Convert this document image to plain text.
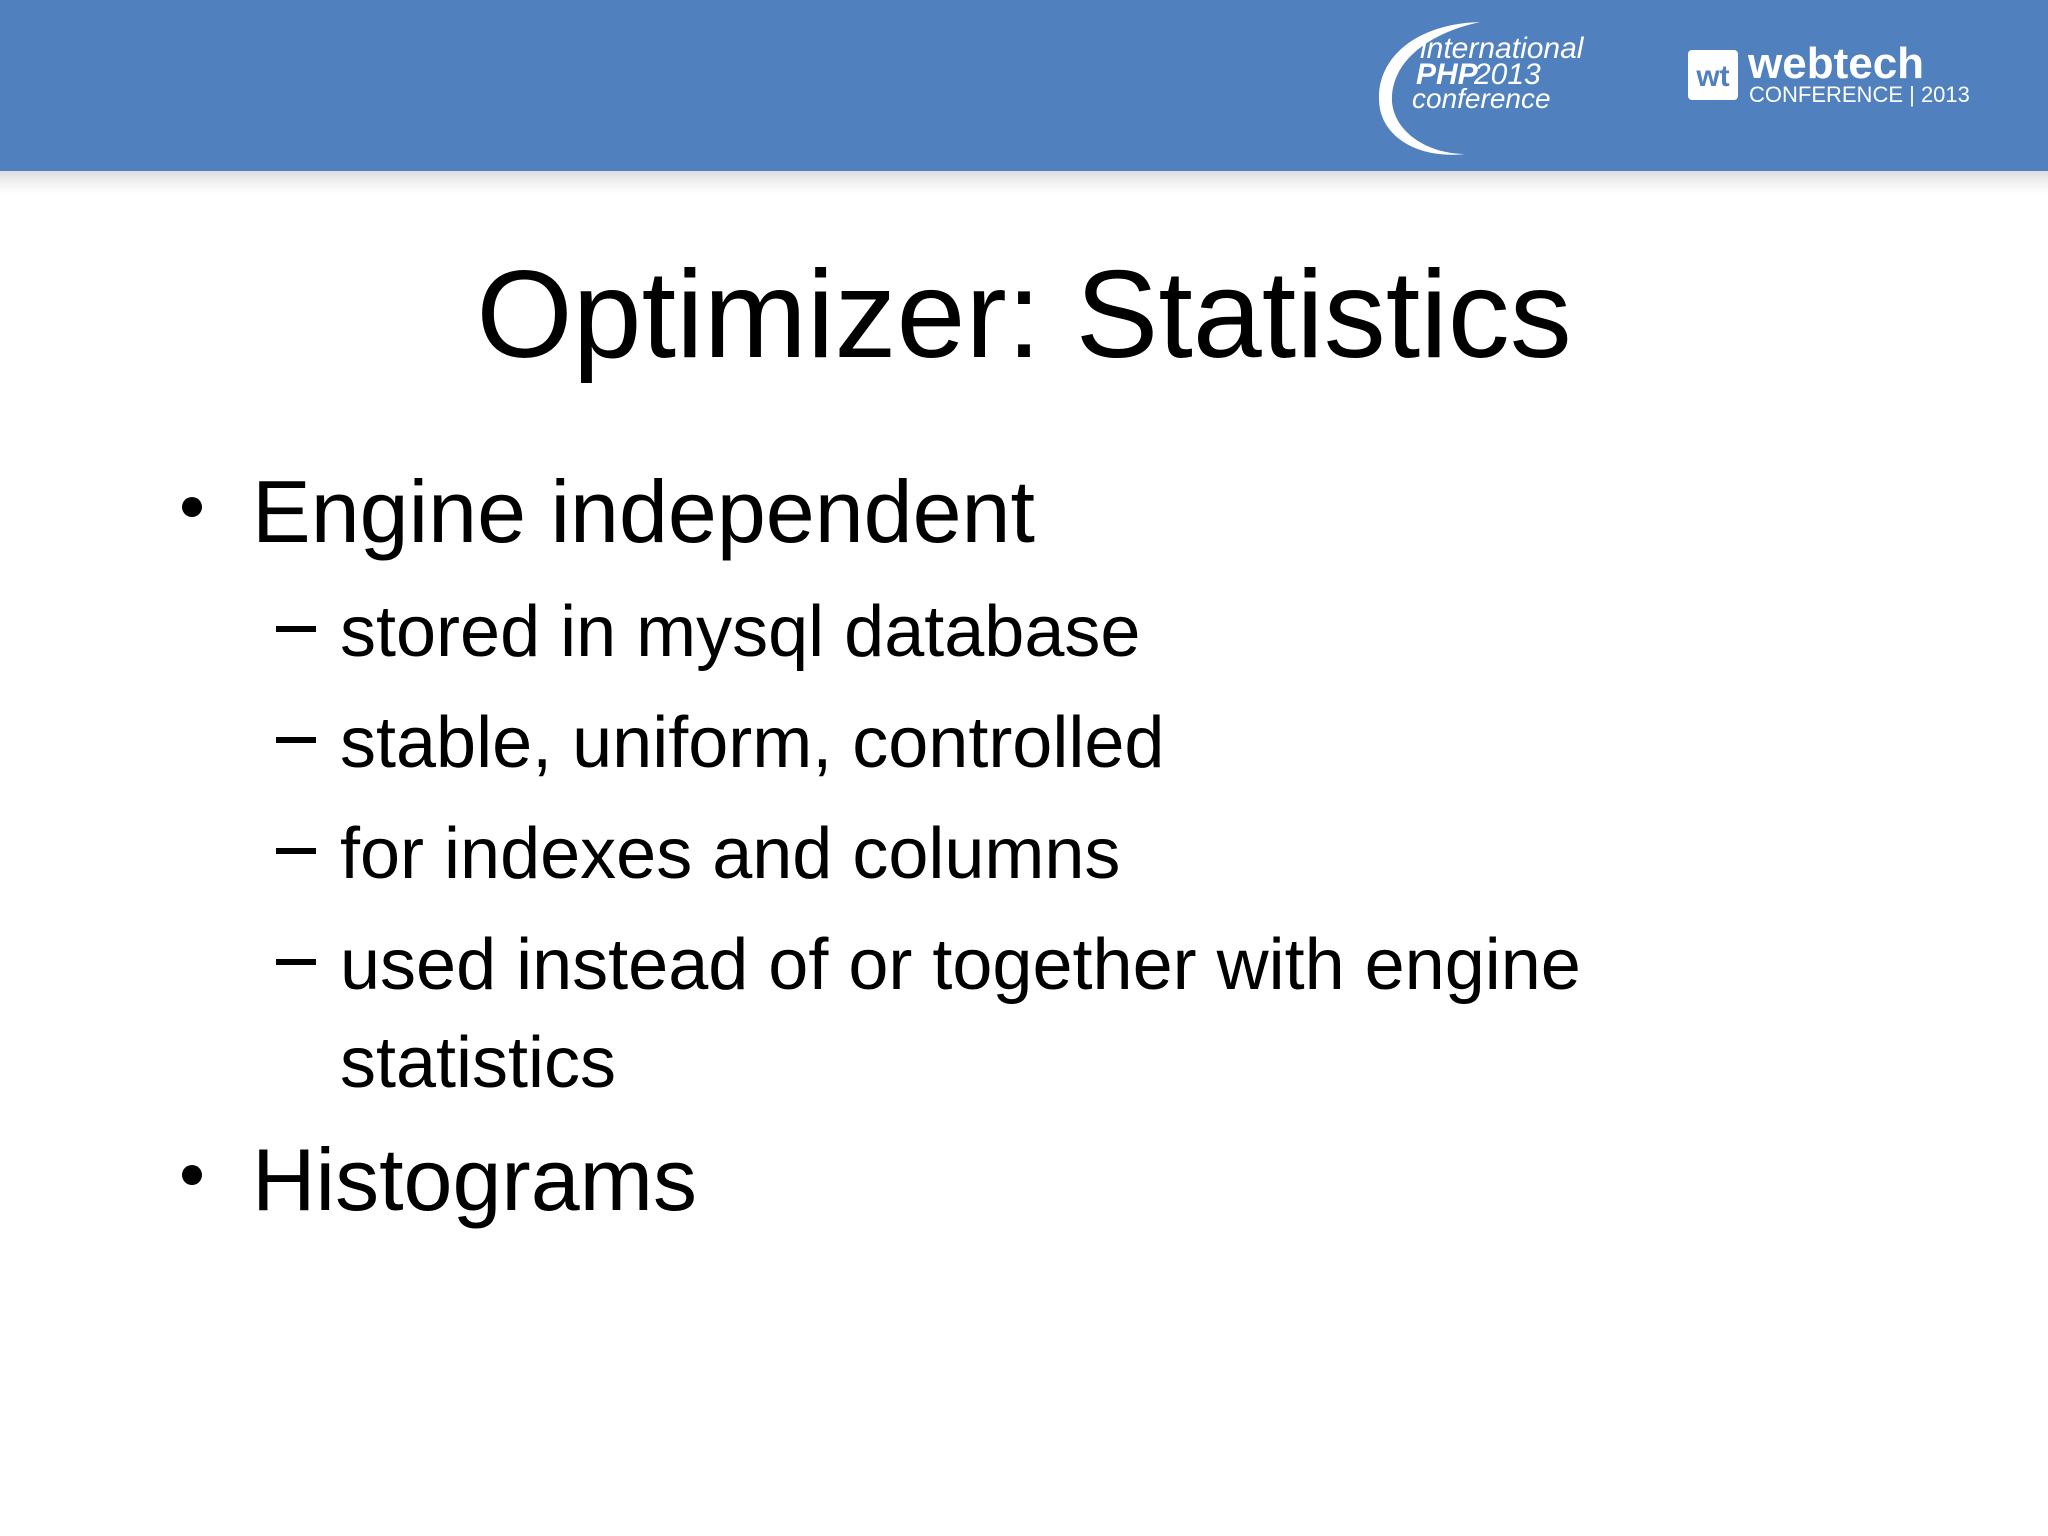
international
PHP
2013
conference
wt webtech
CONFERENCE | 2013
Optimizer: Statistics
Engine independent
stored in mysql database
stable, uniform, controlled
for indexes and columns
used instead of or together with engine
statistics
Histograms
